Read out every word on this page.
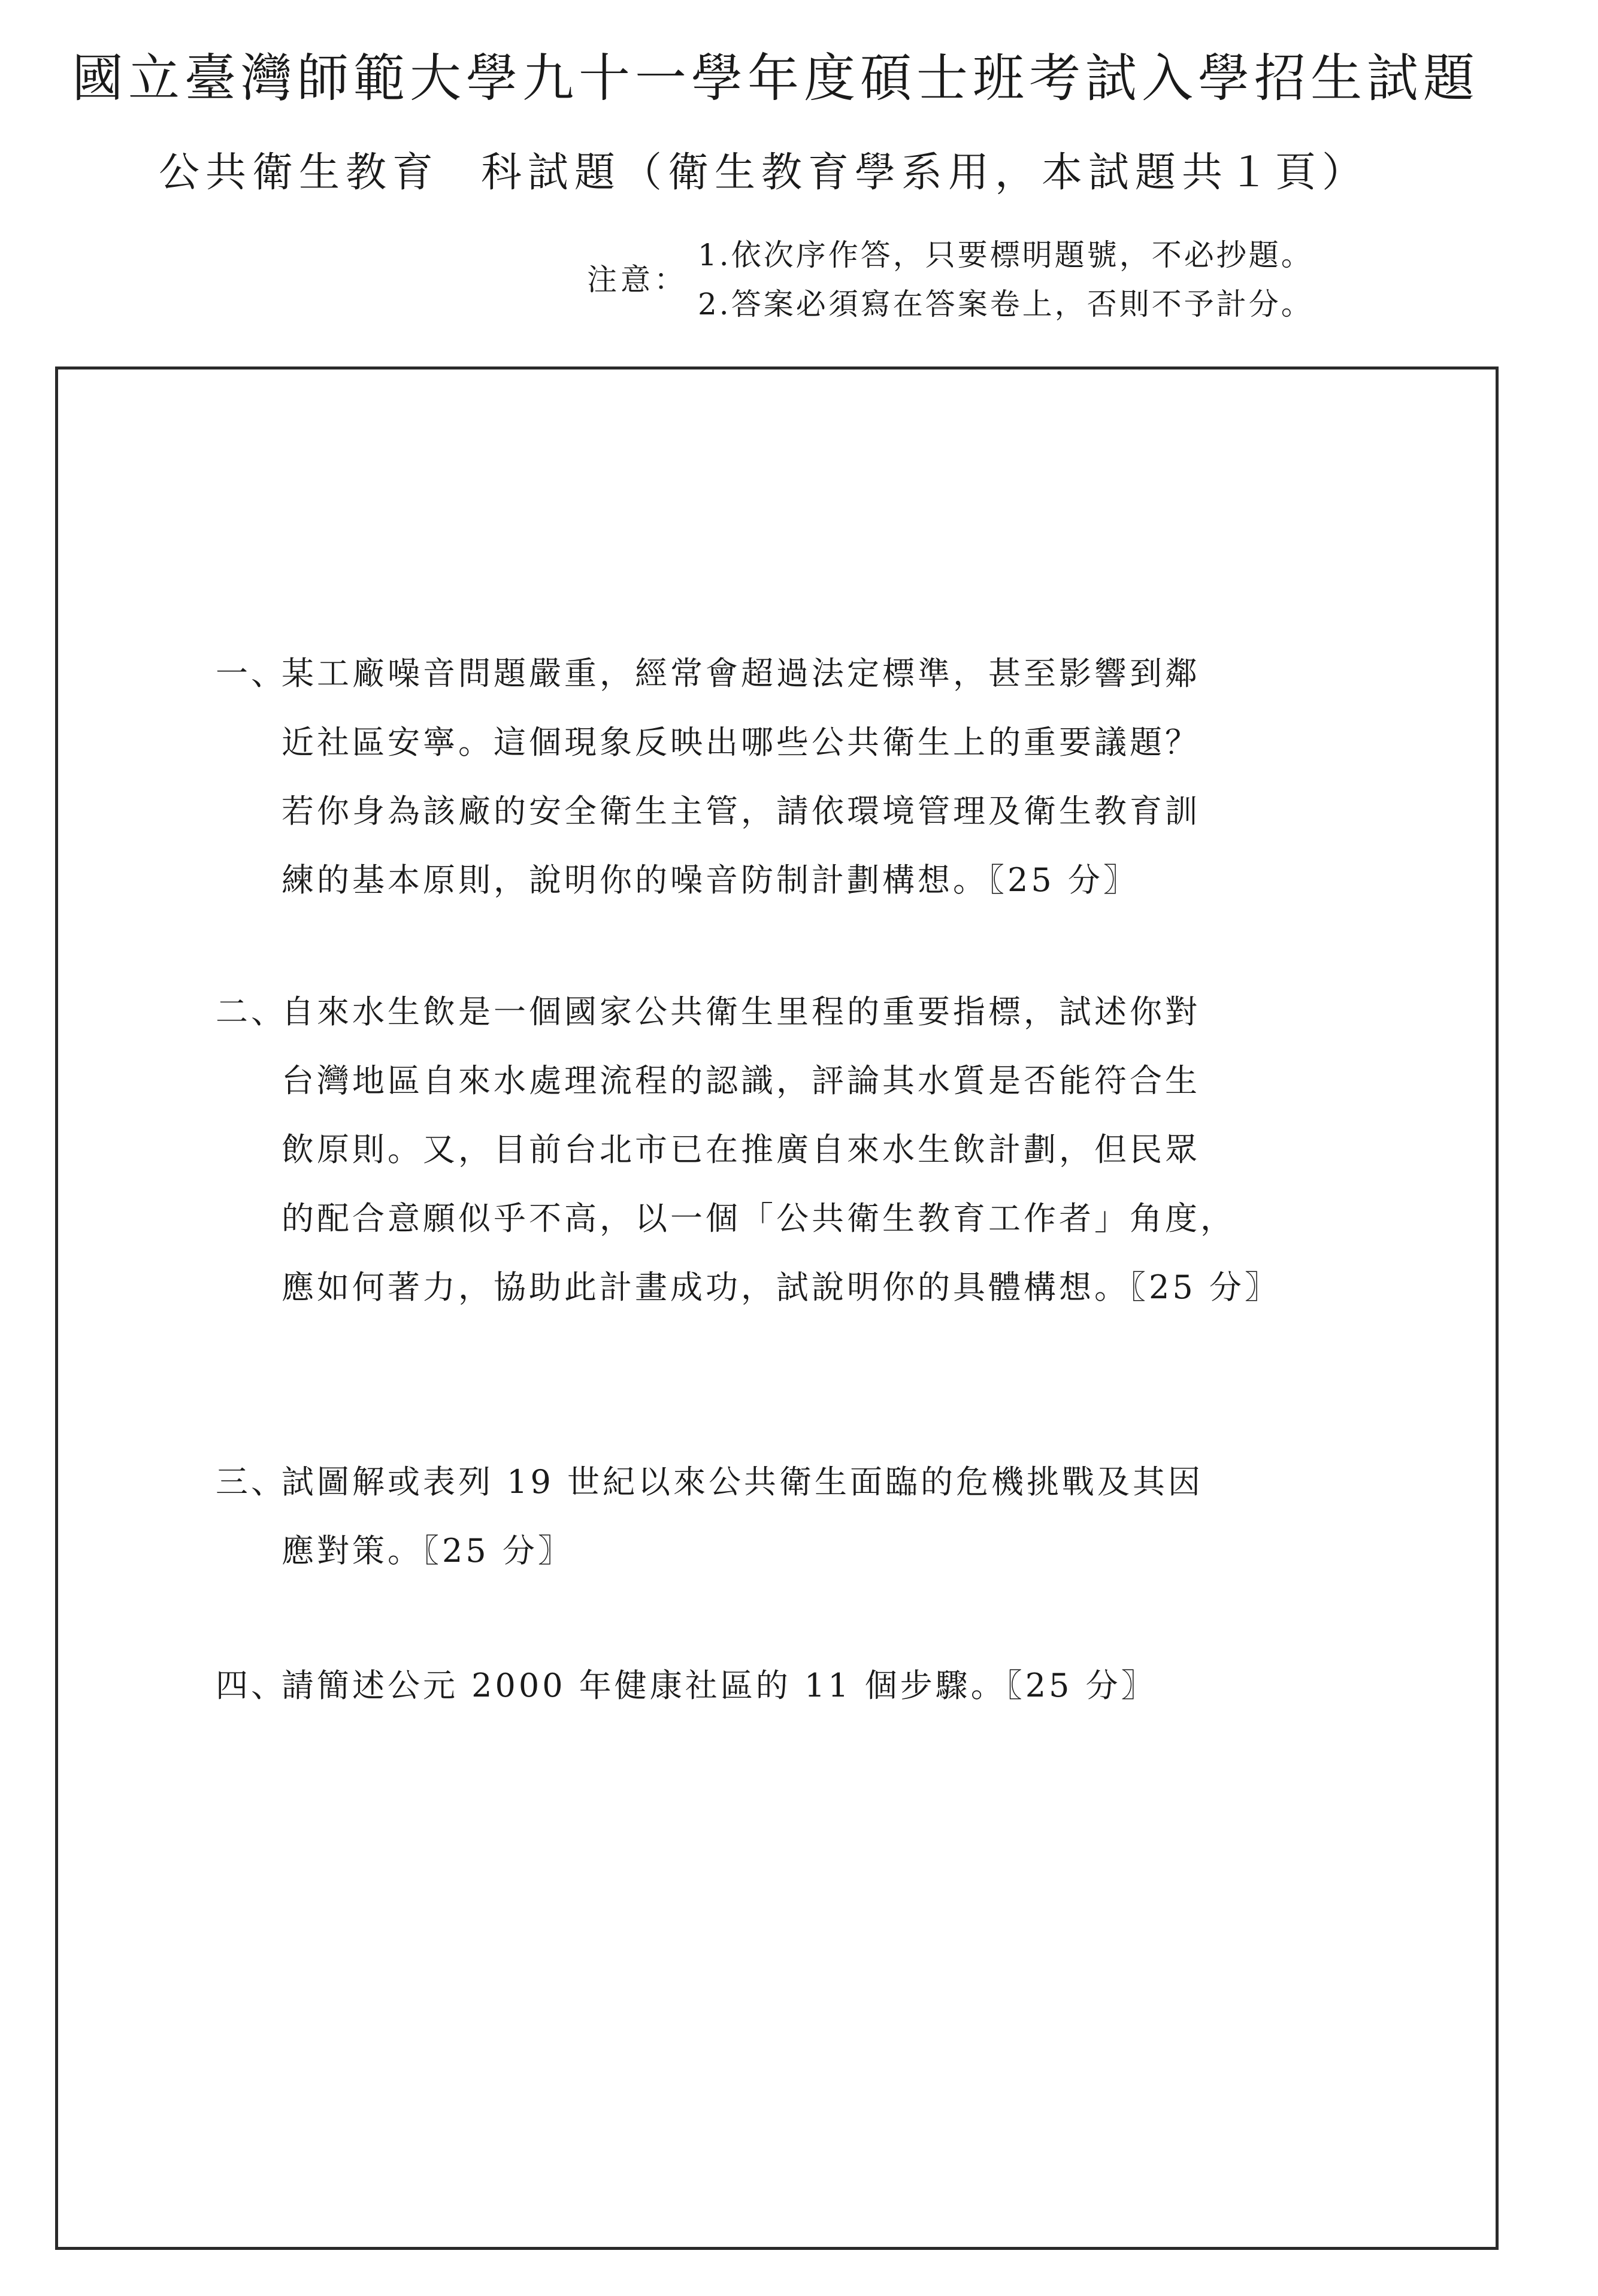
國立臺灣師範大學九十一學年度碩士班考試入學招生試題
公共衛生教育 科試題（衛生教育學系用，本試題共１頁）
注意：
1.依次序作答，只要標明題號，不必抄題。
2.答案必須寫在答案卷上，否則不予計分。
一、某工廠噪音問題嚴重，經常會超過法定標準，甚至影響到鄰
近社區安寧。這個現象反映出哪些公共衛生上的重要議題？
若你身為該廠的安全衛生主管，請依環境管理及衛生教育訓
練的基本原則，說明你的噪音防制計劃構想。〖25 分〗
二、自來水生飲是一個國家公共衛生里程的重要指標，試述你對
台灣地區自來水處理流程的認識，評論其水質是否能符合生
飲原則。又，目前台北市已在推廣自來水生飲計劃，但民眾
的配合意願似乎不高，以一個「公共衛生教育工作者」角度，
應如何著力，協助此計畫成功，試說明你的具體構想。〖25 分〗
三、試圖解或表列 19 世紀以來公共衛生面臨的危機挑戰及其因
應對策。〖25 分〗
四、請簡述公元 2000 年健康社區的 11 個步驟。〖25 分〗
